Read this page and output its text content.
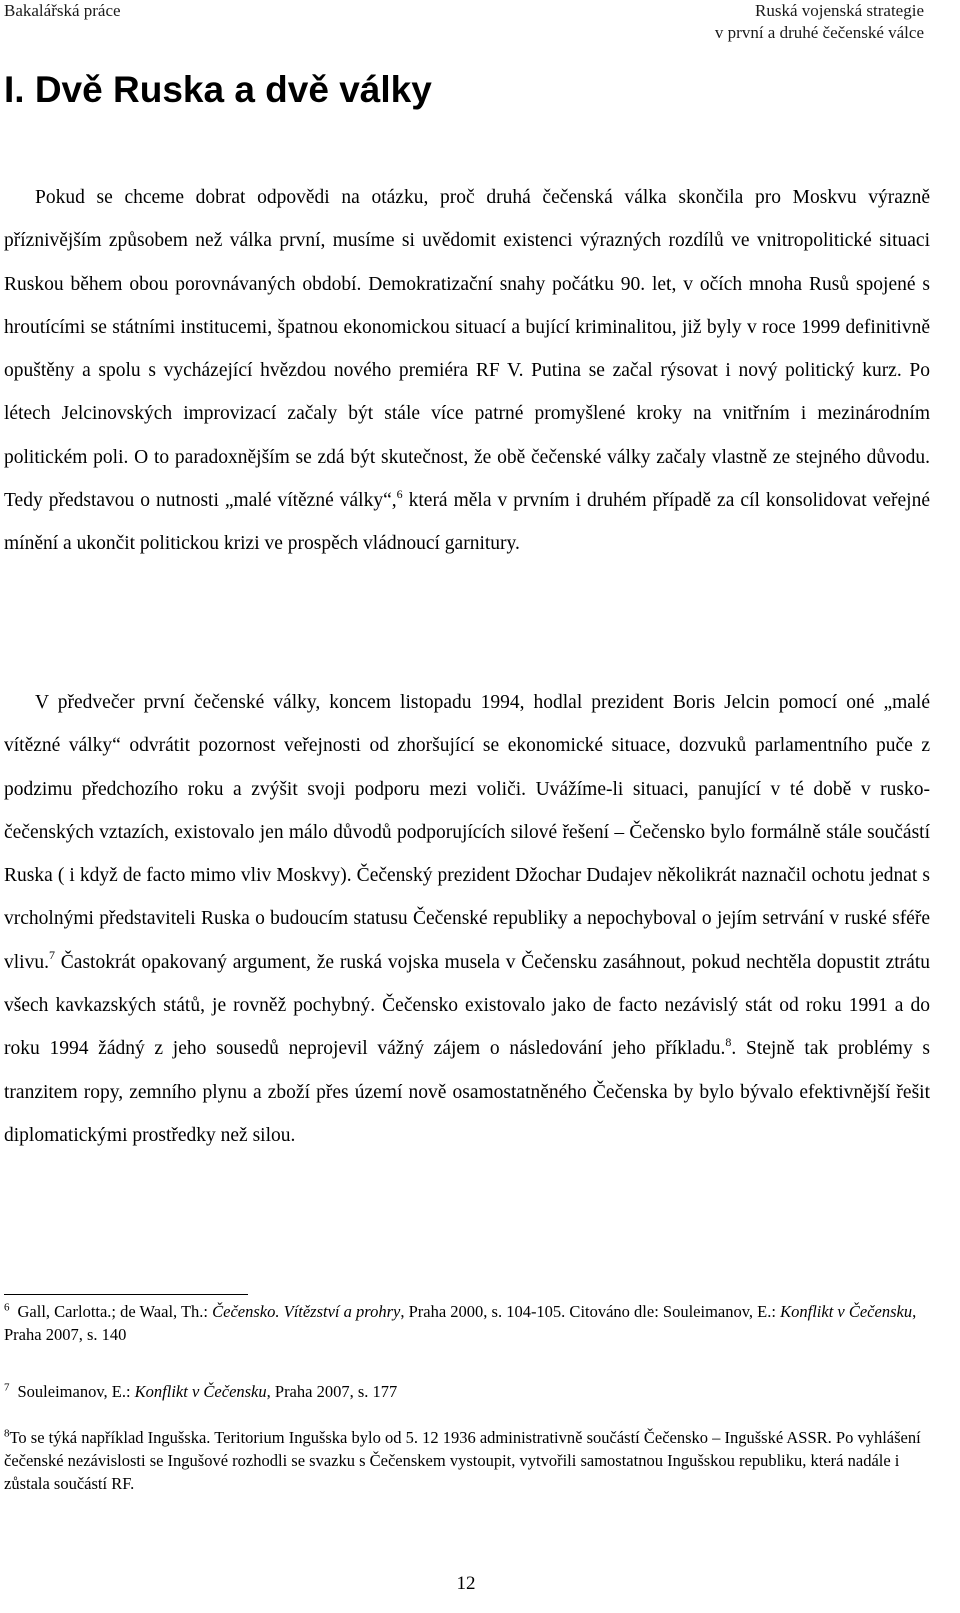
Bakalářská práce	Ruská vojenská strategie
v první a druhé čečenské válce
I. Dvě Ruska a dvě války

Pokud se chceme dobrat odpovědi na otázku, proč druhá čečenská válka skončila pro Moskvu výrazně příznivějším způsobem než válka první, musíme si uvědomit existenci výrazných rozdílů ve vnitropolitické situaci Ruskou během obou porovnávaných období. Demokratizační snahy počátku 90. let, v očích mnoha Rusů spojené s hroutícími se státními institucemi, špatnou ekonomickou situací a bující kriminalitou, již byly v roce 1999 definitivně opuštěny a spolu s vycházející hvězdou nového premiéra RF V. Putina se začal rýsovat i nový politický kurz. Po létech Jelcinovských improvizací začaly být stále více patrné promyšlené kroky na vnitřním i mezinárodním politickém poli. O to paradoxnějším se zdá být skutečnost, že obě čečenské války začaly vlastně ze stejného důvodu. Tedy představou o nutnosti „malé vítězné války“,$^6$ která měla v prvním i druhém případě za cíl konsolidovat veřejné mínění a ukončit politickou krizi ve prospěch vládnoucí garnitury.

V předvečer první čečenské války, koncem listopadu 1994, hodlal prezident Boris Jelcin pomocí oné „malé vítězné války“ odvrátit pozornost veřejnosti od zhoršující se ekonomické situace, dozvuků parlamentního puče z podzimu předchozího roku a zvýšit svoji podporu mezi voliči. Uvážíme-li situaci, panující v té době v rusko-čečenských vztazích, existovalo jen málo důvodů podporujících silové řešení – Čečensko bylo formálně stále součástí Ruska ( i když de facto mimo vliv Moskvy). Čečenský prezident Džochar Dudajev několikrát naznačil ochotu jednat s vrcholnými představiteli Ruska o budoucím statusu Čečenské republiky a nepochyboval o jejím setrvání v ruské sféře vlivu.$^7$ Častokrát opakovaný argument, že ruská vojska musela v Čečensku zasáhnout, pokud nechtěla dopustit ztrátu všech kavkazských států, je rovněž pochybný. Čečensko existovalo jako de facto nezávislý stát od roku 1991 a do roku 1994 žádný z jeho sousedů neprojevil vážný zájem o následování jeho příkladu.$^8$. Stejně tak problémy s tranzitem ropy, zemního plynu a zboží přes území nově osamostatněného Čečenska by bylo bývalo efektivnější řešit diplomatickými prostředky než silou.

$^6$ Gall, Carlotta.; de Waal, Th.: Čečensko. Vítězství a prohry, Praha 2000, s. 104-105. Citováno dle: Souleimanov, E.: Konflikt v Čečensku, Praha 2007, s. 140

$^7$ Souleimanov, E.: Konflikt v Čečensku, Praha 2007, s. 177

$^8$To se týká například Ingušska. Teritorium Ingušska bylo od 5. 12 1936 administrativně součástí Čečensko – Ingušské ASSR. Po vyhlášení čečenské nezávislosti se Ingušové rozhodli se svazku s Čečenskem vystoupit, vytvořili samostatnou Ingušskou republiku, která nadále i zůstala součástí RF.

12
